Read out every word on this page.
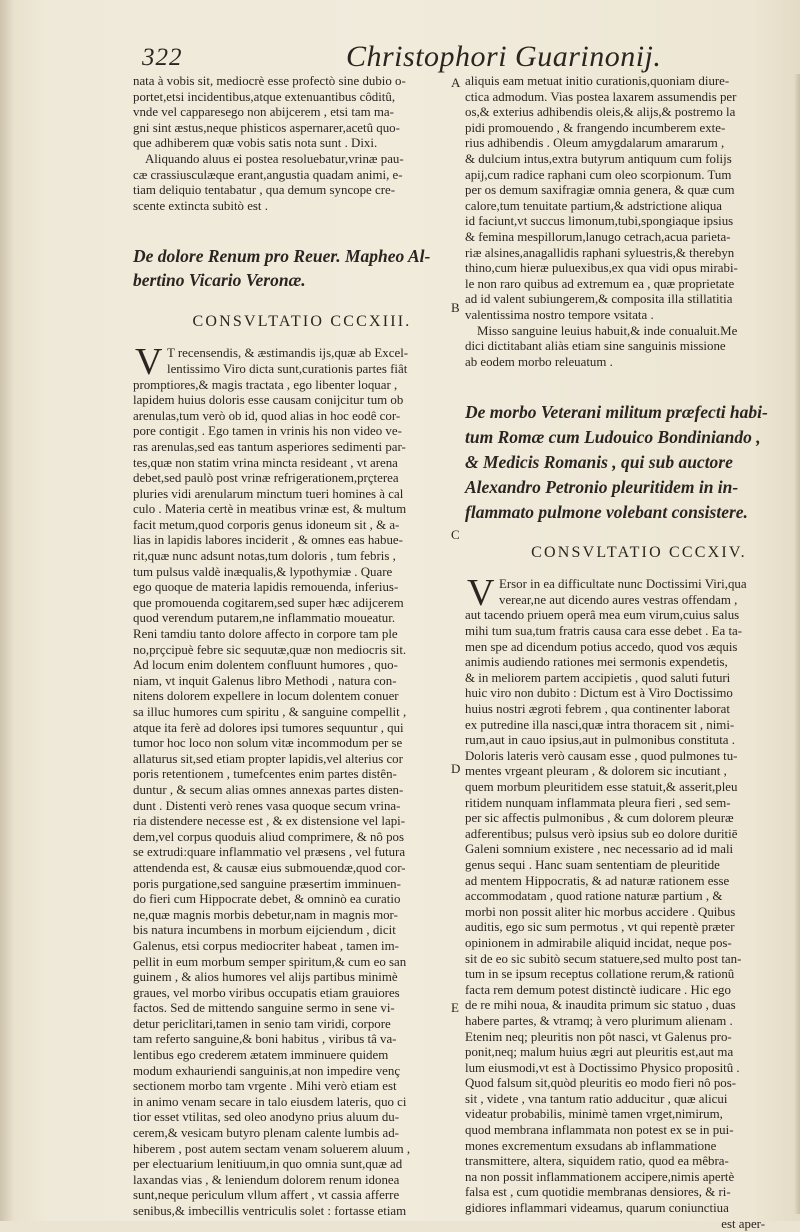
322	Christophori Guarinonij.
A
B
C
D
E
nata à vobis sit, mediocrè esse profectò sine dubio o-
portet,etsi incidentibus,atque extenuantibus côditû,
vnde vel capparesego non abijcerem , etsi tam ma-
gni sint æstus,neque phisticos aspernarer,acetû quo-
que adhiberem quæ vobis satis nota sunt . Dixi.
Aliquando aluus ei postea resoluebatur,vrinæ pau-
cæ crassiusculæque erant,angustia quadam animi, e-
tiam deliquio tentabatur , qua demum syncope cre-
scente extincta subitò est .
De dolore Renum pro Reuer. Mapheo Al-
bertino Vicario Veronæ.
CONSVLTATIO CCCXIII.
V T recensendis, & æstimandis ijs,quæ ab Excel-
lentissimo Viro dicta sunt,curationis partes fiât
promptiores,& magis tractata , ego libenter loquar ,
lapidem huius doloris esse causam conijcitur tum ob
arenulas,tum verò ob id, quod alias in hoc eodê cor-
pore contigit . Ego tamen in vrinis his non video ve-
ras arenulas,sed eas tantum asperiores sedimenti par-
tes,quæ non statim vrina mincta resideant , vt arena
debet,sed paulò post vrinæ refrigerationem,prçterea
pluries vidi arenularum minctum tueri homines à cal
culo . Materia certè in meatibus vrinæ est, & multum
facit metum,quod corporis genus idoneum sit , & a-
lias in lapidis labores inciderit , & omnes eas habue-
rit,quæ nunc adsunt notas,tum doloris , tum febris ,
tum pulsus valdè inæqualis,& lypothymiæ . Quare
ego quoque de materia lapidis remouenda, inferius-
que promouenda cogitarem,sed super hæc adijcerem
quod verendum putarem,ne inflammatio moueatur.
Reni tamdiu tanto dolore affecto in corpore tam ple
no,prçcipuè febre sic sequutæ,quæ non mediocris sit.
Ad locum enim dolentem confluunt humores , quo-
niam, vt inquit Galenus libro Methodi , natura con-
nitens dolorem expellere in locum dolentem conuer
sa illuc humores cum spiritu , & sanguine compellit ,
atque ita ferè ad dolores ipsi tumores sequuntur , qui
tumor hoc loco non solum vitæ incommodum per se
allaturus sit,sed etiam propter lapidis,vel alterius cor
poris retentionem , tumefcentes enim partes distên-
duntur , & secum alias omnes annexas partes disten-
dunt . Distenti verò renes vasa quoque secum vrina-
ria distendere necesse est , & ex distensione vel lapi-
dem,vel corpus quoduis aliud comprimere, & nô pos
se extrudi:quare inflammatio vel præsens , vel futura
attendenda est, & causæ eius submouendæ,quod cor-
poris purgatione,sed sanguine præsertim imminuen-
do fieri cum Hippocrate debet, & omninò ea curatio
ne,quæ magnis morbis debetur,nam in magnis mor-
bis natura incumbens in morbum eijciendum , dicit
Galenus, etsi corpus mediocriter habeat , tamen im-
pellit in eum morbum semper spiritum,& cum eo san
guinem , & alios humores vel alijs partibus minimè
graues, vel morbo viribus occupatis etiam grauiores
factos. Sed de mittendo sanguine sermo in sene vi-
detur periclitari,tamen in senio tam viridi, corpore
tam referto sanguine,& boni habitus , viribus tâ va-
lentibus ego crederem ætatem imminuere quidem
modum exhauriendi sanguinis,at non impedire venç
sectionem morbo tam vrgente . Mihi verò etiam est
in animo venam secare in talo eiusdem lateris, quo ci
tior esset vtilitas, sed oleo anodyno prius aluum du-
cerem,& vesicam butyro plenam calente lumbis ad-
hiberem , post autem sectam venam soluerem aluum ,
per electuarium lenitiuum,in quo omnia sunt,quæ ad
laxandas vias , & leniendum dolorem renum idonea
sunt,neque periculum vllum affert , vt cassia afferre
senibus,& imbecillis ventriculis solet : fortasse etiam
aliquis eam metuat initio curationis,quoniam diure-
ctica admodum. Vias postea laxarem assumendis per
os,& exterius adhibendis oleis,& alijs,& postremo la
pidi promouendo , & frangendo incumberem exte-
rius adhibendis . Oleum amygdalarum amararum ,
& dulcium intus,extra butyrum antiquum cum folijs
apij,cum radice raphani cum oleo scorpionum. Tum
per os demum saxifragiæ omnia genera, & quæ cum
calore,tum tenuitate partium,& adstrictione aliqua
id faciunt,vt succus limonum,tubi,spongiaque ipsius
& femina mespillorum,lanugo cetrach,acua parieta-
riæ alsines,anagallidis raphani syluestris,& therebyn
thino,cum hieræ puluexibus,ex qua vidi opus mirabi-
le non raro quibus ad extremum ea , quæ proprietate
ad id valent subiungerem,& composita illa stillatitia
valentissima nostro tempore vsitata .
Misso sanguine leuius habuit,& inde conualuit.Me
dici dictitabant aliàs etiam sine sanguinis missione
ab eodem morbo releuatum .
De morbo Veterani militum præfecti habi-
tum Romæ cum Ludouico Bondiniando ,
& Medicis Romanis , qui sub auctore
Alexandro Petronio pleuritidem in in-
flammato pulmone volebant consistere.
CONSVLTATIO CCCXIV.
V Ersor in ea difficultate nunc Doctissimi Viri,qua
verear,ne aut dicendo aures vestras offendam ,
aut tacendo priuem operâ mea eum virum,cuius salus
mihi tum sua,tum fratris causa cara esse debet . Ea ta-
men spe ad dicendum potius accedo, quod vos æquis
animis audiendo rationes mei sermonis expendetis,
& in meliorem partem accipietis , quod saluti futuri
huic viro non dubito : Dictum est à Viro Doctissimo
huius nostri ægroti febrem , qua continenter laborat
ex putredine illa nasci,quæ intra thoracem sit , nimi-
rum,aut in cauo ipsius,aut in pulmonibus constituta .
Doloris lateris verò causam esse , quod pulmones tu-
mentes vrgeant pleuram , & dolorem sic incutiant ,
quem morbum pleuritidem esse statuit,& asserit,pleu
ritidem nunquam inflammata pleura fieri , sed sem-
per sic affectis pulmonibus , & cum dolorem pleuræ
adferentibus; pulsus verò ipsius sub eo dolore duritiē
Galeni somnium existere , nec necessario ad id mali
genus sequi . Hanc suam sententiam de pleuritide
ad mentem Hippocratis, & ad naturæ rationem esse
accommodatam , quod ratione naturæ partium , &
morbi non possit aliter hic morbus accidere . Quibus
auditis, ego sic sum permotus , vt qui repentè præter
opinionem in admirabile aliquid incidat, neque pos-
sit de eo sic subitò secum statuere,sed multo post tan-
tum in se ipsum receptus collatione rerum,& rationû
facta rem demum potest distinctè iudicare . Hic ego
de re mihi noua, & inaudita primum sic statuo , duas
habere partes, & vtramq; à vero plurimum alienam .
Etenim neq; pleuritis non pôt nasci, vt Galenus pro-
ponit,neq; malum huius ægri aut pleuritis est,aut ma
lum eiusmodi,vt est à Doctissimo Physico propositû .
Quod falsum sit,quòd pleuritis eo modo fieri nô pos-
sit , videte , vna tantum ratio adducitur , quæ alicui
videatur probabilis, minimè tamen vrget,nimirum,
quod membrana inflammata non potest ex se in pui-
mones excrementum exsudans ab inflammatione
transmittere, altera, siquidem ratio, quod ea mêbra-
na non possit inflammationem accipere,nimis apertè
falsa est , cum quotidie membranas densiores, & ri-
gidiores inflammari videamus, quarum coniunctiua
est aper-
